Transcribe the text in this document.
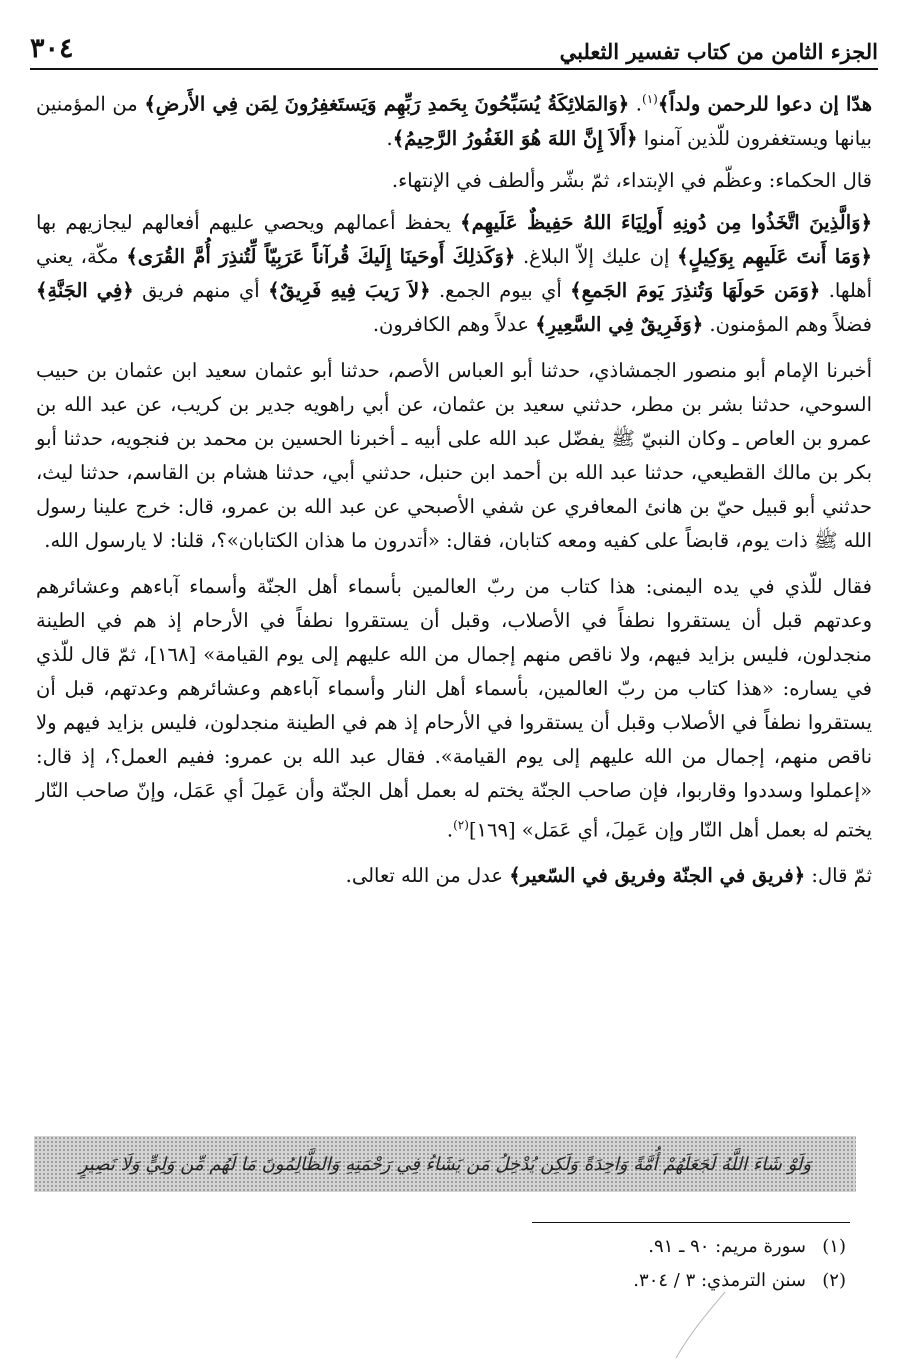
الجزء الثامن من كتاب تفسير الثعلبي
٣٠٤

هدّا إن دعوا للرحمن ولداً﴾$^{(١)}$. ﴿وَالمَلائِكَةُ يُسَبِّحُونَ بِحَمدِ رَبِّهِم وَيَستَغفِرُونَ لِمَن فِي الأَرضِ﴾ من المؤمنين بيانها ويستغفرون للّذين آمنوا ﴿أَلاَ إِنَّ اللهَ هُوَ الغَفُورُ الرَّحِيمُ﴾.

قال الحكماء: وعظّم في الإبتداء، ثمّ بشّر وألطف في الإنتهاء.

﴿وَالَّذِينَ اتَّخَذُوا مِن دُونِهِ أَولِيَاءَ اللهُ حَفِيظٌ عَلَيهِم﴾ يحفظ أعمالهم ويحصي عليهم أفعالهم ليجازيهم بها ﴿وَمَا أَنتَ عَلَيهِم بِوَكِيلٍ﴾ إن عليك إلاّ البلاغ. ﴿وَكَذلِكَ أَوحَينَا إِلَيكَ قُرآناً عَرَبِيّاً لِّتُنذِرَ أُمَّ القُرَى﴾ مكّة، يعني أهلها. ﴿وَمَن حَولَهَا وَتُنذِرَ يَومَ الجَمعِ﴾ أي بيوم الجمع. ﴿لاَ رَيبَ فِيهِ فَرِيقٌ﴾ أي منهم فريق ﴿فِي الجَنَّةِ﴾ فضلاً وهم المؤمنون. ﴿وَفَرِيقٌ فِي السَّعِيرِ﴾ عدلاً وهم الكافرون.

أخبرنا الإمام أبو منصور الجمشاذي، حدثنا أبو العباس الأصم، حدثنا أبو عثمان سعيد ابن عثمان بن حبيب السوحي، حدثنا بشر بن مطر، حدثني سعيد بن عثمان، عن أبي راهويه جدير بن كريب، عن عبد الله بن عمرو بن العاص ـ وكان النبيّ ﷺ يفضّل عبد الله على أبيه ـ أخبرنا الحسين بن محمد بن فنجويه، حدثنا أبو بكر بن مالك القطيعي، حدثنا عبد الله بن أحمد ابن حنبل، حدثني أبي، حدثنا هشام بن القاسم، حدثنا ليث، حدثني أبو قبيل حيّ بن هانئ المعافري عن شفي الأصبحي عن عبد الله بن عمرو، قال: خرج علينا رسول الله ﷺ ذات يوم، قابضاً على كفيه ومعه كتابان، فقال: «أتدرون ما هذان الكتابان»؟، قلنا: لا يارسول الله.

فقال للّذي في يده اليمنى: هذا كتاب من ربّ العالمين بأسماء أهل الجنّة وأسماء آباءهم وعشائرهم وعدتهم قبل أن يستقروا نطفاً في الأصلاب، وقبل أن يستقروا نطفاً في الأرحام إذ هم في الطينة منجدلون، فليس بزايد فيهم، ولا ناقص منهم إجمال من الله عليهم إلى يوم القيامة» [١٦٨]، ثمّ قال للّذي في يساره: «هذا كتاب من ربّ العالمين، بأسماء أهل النار وأسماء آباءهم وعشائرهم وعدتهم، قبل أن يستقروا نطفاً في الأصلاب وقبل أن يستقروا في الأرحام إذ هم في الطينة منجدلون، فليس بزايد فيهم ولا ناقص منهم، إجمال من الله عليهم إلى يوم القيامة». فقال عبد الله بن عمرو: ففيم العمل؟، إذ قال: «إعملوا وسددوا وقاربوا، فإن صاحب الجنّة يختم له بعمل أهل الجنّة وأن عَمِلَ أي عَمَل، وإنّ صاحب النّار يختم له بعمل أهل النّار وإن عَمِلَ، أي عَمَل» [١٦٩]$^{(٢)}$.

ثمّ قال: ﴿فريق في الجنّة وفريق في السّعير﴾ عدل من الله تعالى.

وَلَوْ شَاءَ اللَّهُ لَجَعَلَهُمْ أُمَّةً وَاحِدَةً وَلَكِن يُدْخِلُ مَن يَشَاءُ فِي رَحْمَتِهِ وَالظَّالِمُونَ مَا لَهُم مِّن وَلِيٍّ وَلَا نَصِيرٍ
(١)سورة مريم: ٩٠ ـ ٩١.
(٢)سنن الترمذي: ٣ / ٣٠٤.
